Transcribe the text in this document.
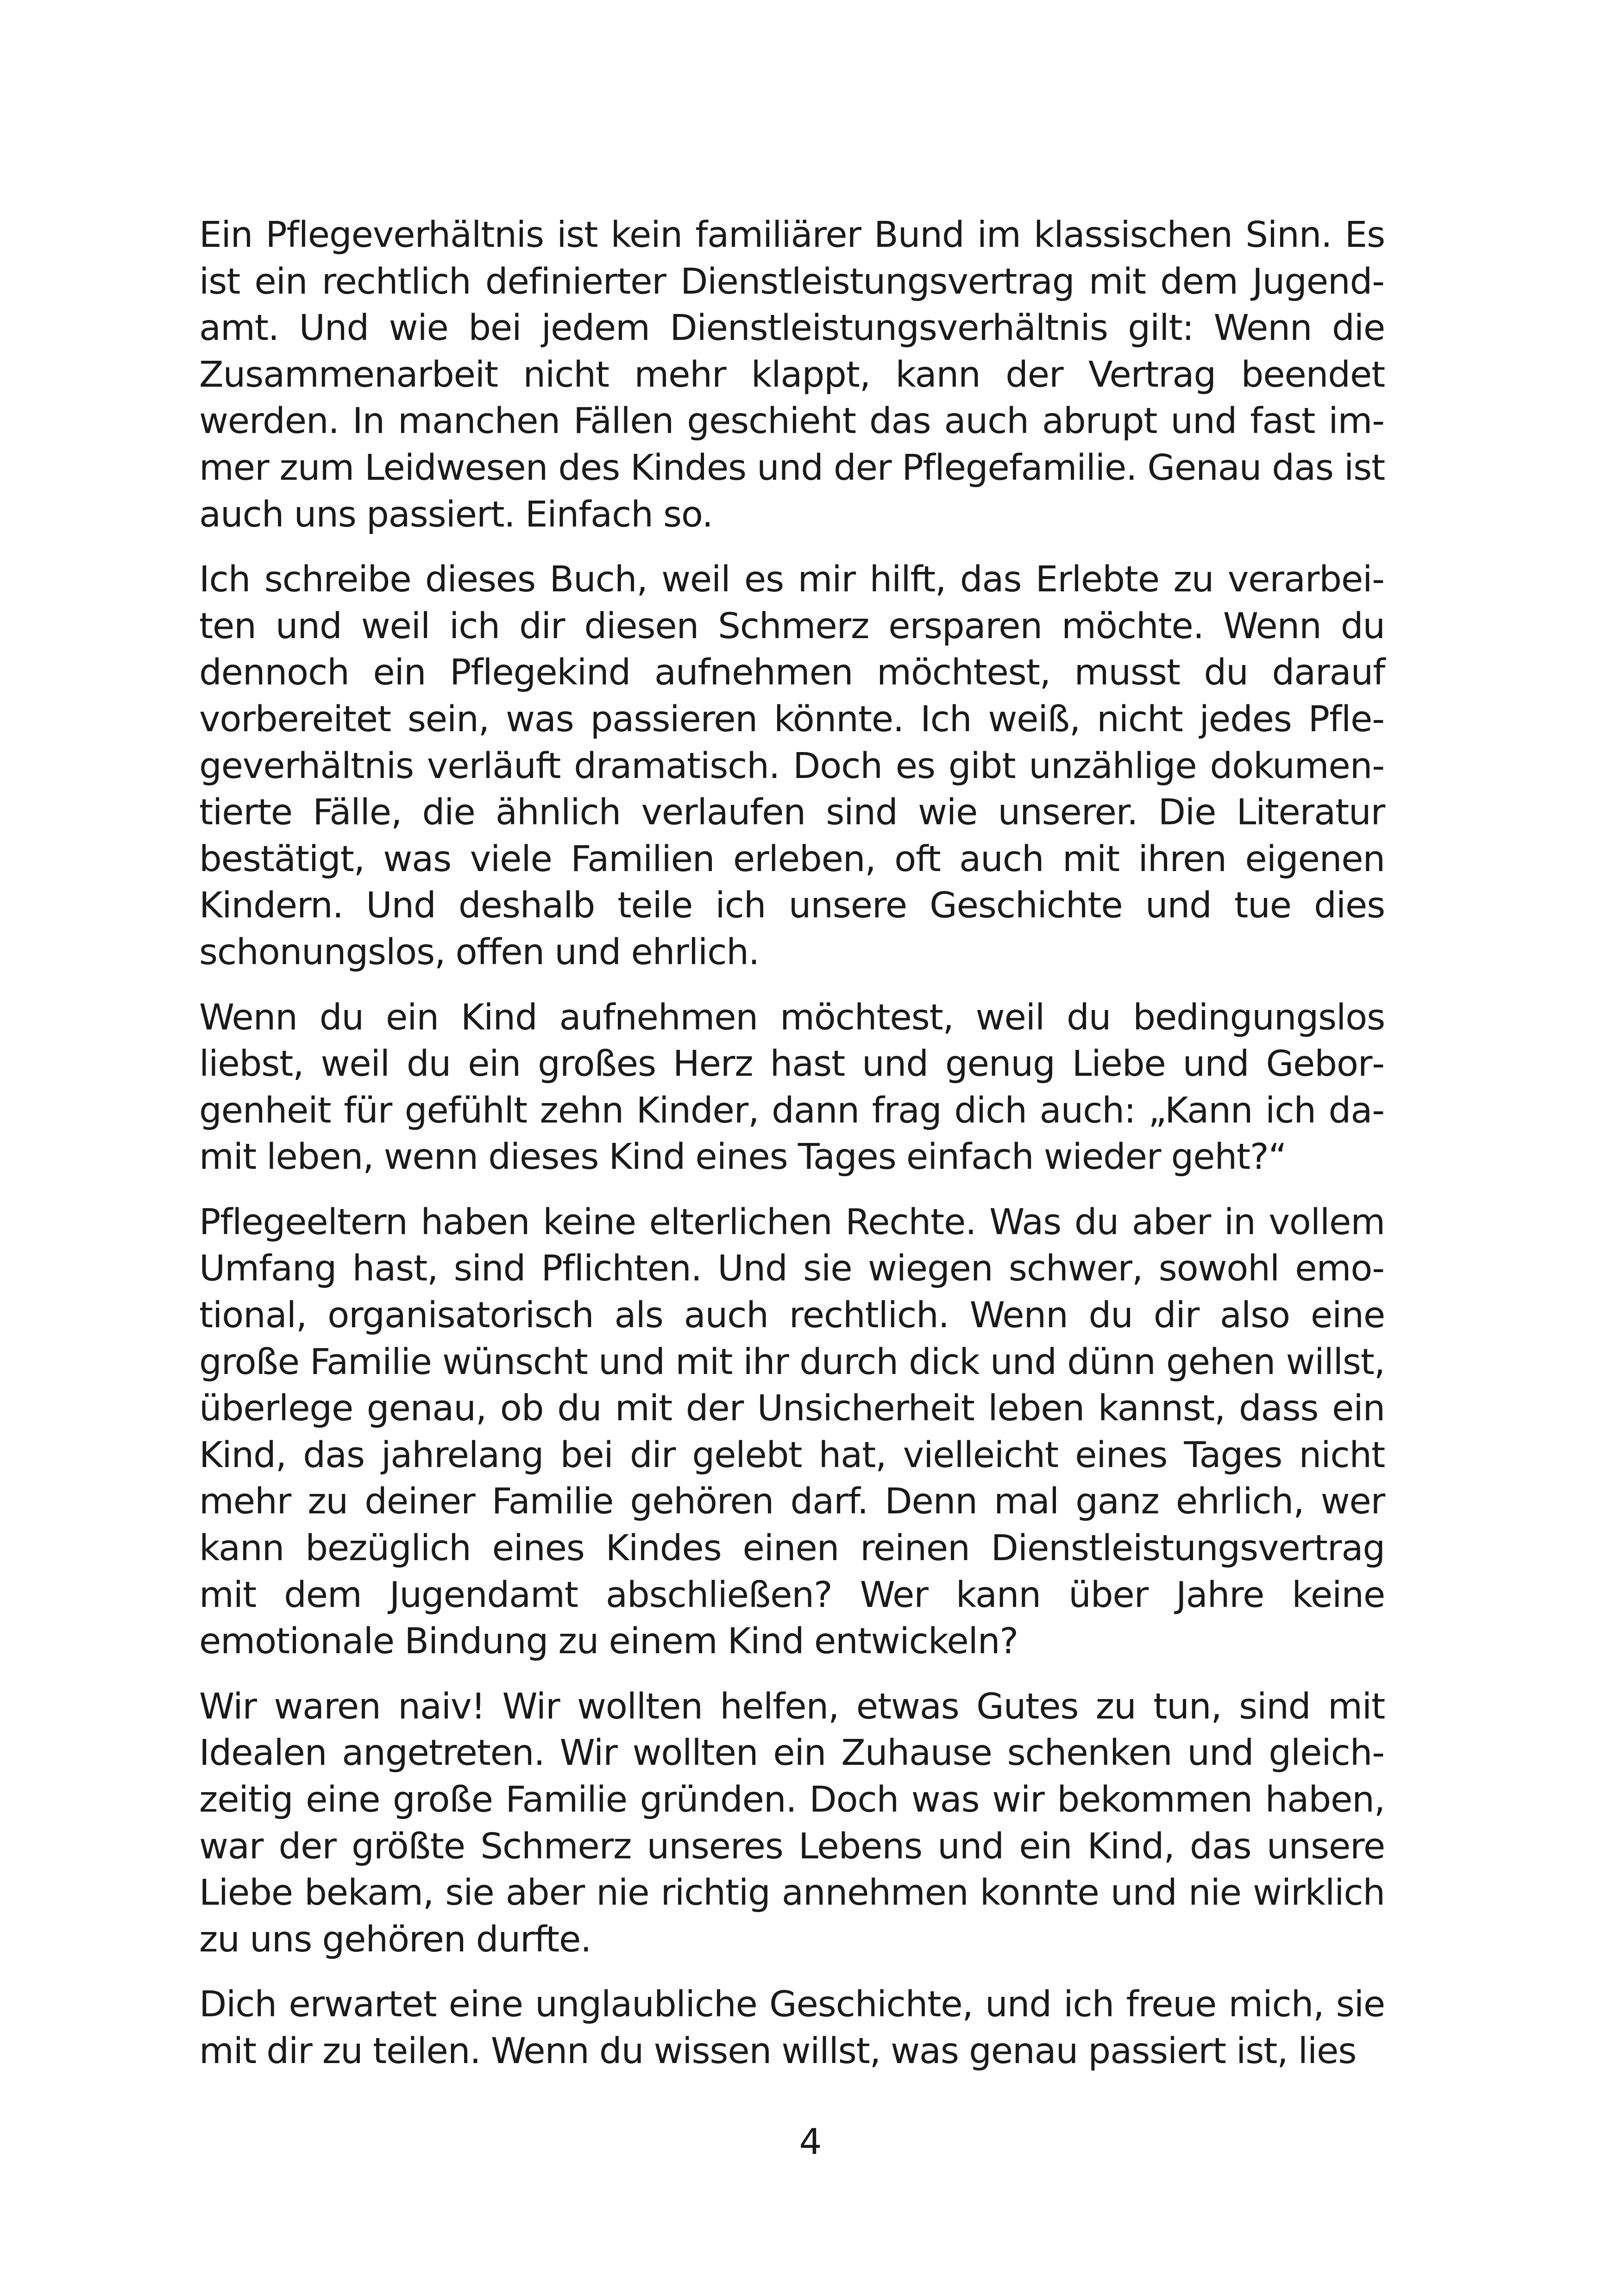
Ein Pflegeverhältnis ist kein familiärer Bund im klassischen Sinn. Es ist ein rechtlich definierter Dienstleistungsvertrag mit dem Jugendamt. Und wie bei jedem Dienstleistungsverhältnis gilt: Wenn die Zusammenarbeit nicht mehr klappt, kann der Vertrag beendet werden. In manchen Fällen geschieht das auch abrupt und fast immer zum Leidwesen des Kindes und der Pflegefamilie. Genau das ist auch uns passiert. Einfach so.

Ich schreibe dieses Buch, weil es mir hilft, das Erlebte zu verarbeiten und weil ich dir diesen Schmerz ersparen möchte. Wenn du dennoch ein Pflegekind aufnehmen möchtest, musst du darauf vorbereitet sein, was passieren könnte. Ich weiß, nicht jedes Pflegeverhältnis verläuft dramatisch. Doch es gibt unzählige dokumentierte Fälle, die ähnlich verlaufen sind wie unserer. Die Literatur bestätigt, was viele Familien erleben, oft auch mit ihren eigenen Kindern. Und deshalb teile ich unsere Geschichte und tue dies schonungslos, offen und ehrlich.

Wenn du ein Kind aufnehmen möchtest, weil du bedingungslos liebst, weil du ein großes Herz hast und genug Liebe und Geborgenheit für gefühlt zehn Kinder, dann frag dich auch: „Kann ich damit leben, wenn dieses Kind eines Tages einfach wieder geht?“

Pflegeeltern haben keine elterlichen Rechte. Was du aber in vollem Umfang hast, sind Pflichten. Und sie wiegen schwer, sowohl emotional, organisatorisch als auch rechtlich. Wenn du dir also eine große Familie wünscht und mit ihr durch dick und dünn gehen willst, überlege genau, ob du mit der Unsicherheit leben kannst, dass ein Kind, das jahrelang bei dir gelebt hat, vielleicht eines Tages nicht mehr zu deiner Familie gehören darf. Denn mal ganz ehrlich, wer kann bezüglich eines Kindes einen reinen Dienstleistungsvertrag mit dem Jugendamt abschließen? Wer kann über Jahre keine emotionale Bindung zu einem Kind entwickeln?

Wir waren naiv! Wir wollten helfen, etwas Gutes zu tun, sind mit Idealen angetreten. Wir wollten ein Zuhause schenken und gleichzeitig eine große Familie gründen. Doch was wir bekommen haben, war der größte Schmerz unseres Lebens und ein Kind, das unsere Liebe bekam, sie aber nie richtig annehmen konnte und nie wirklich zu uns gehören durfte.

Dich erwartet eine unglaubliche Geschichte, und ich freue mich, sie mit dir zu teilen. Wenn du wissen willst, was genau passiert ist, lies

4
